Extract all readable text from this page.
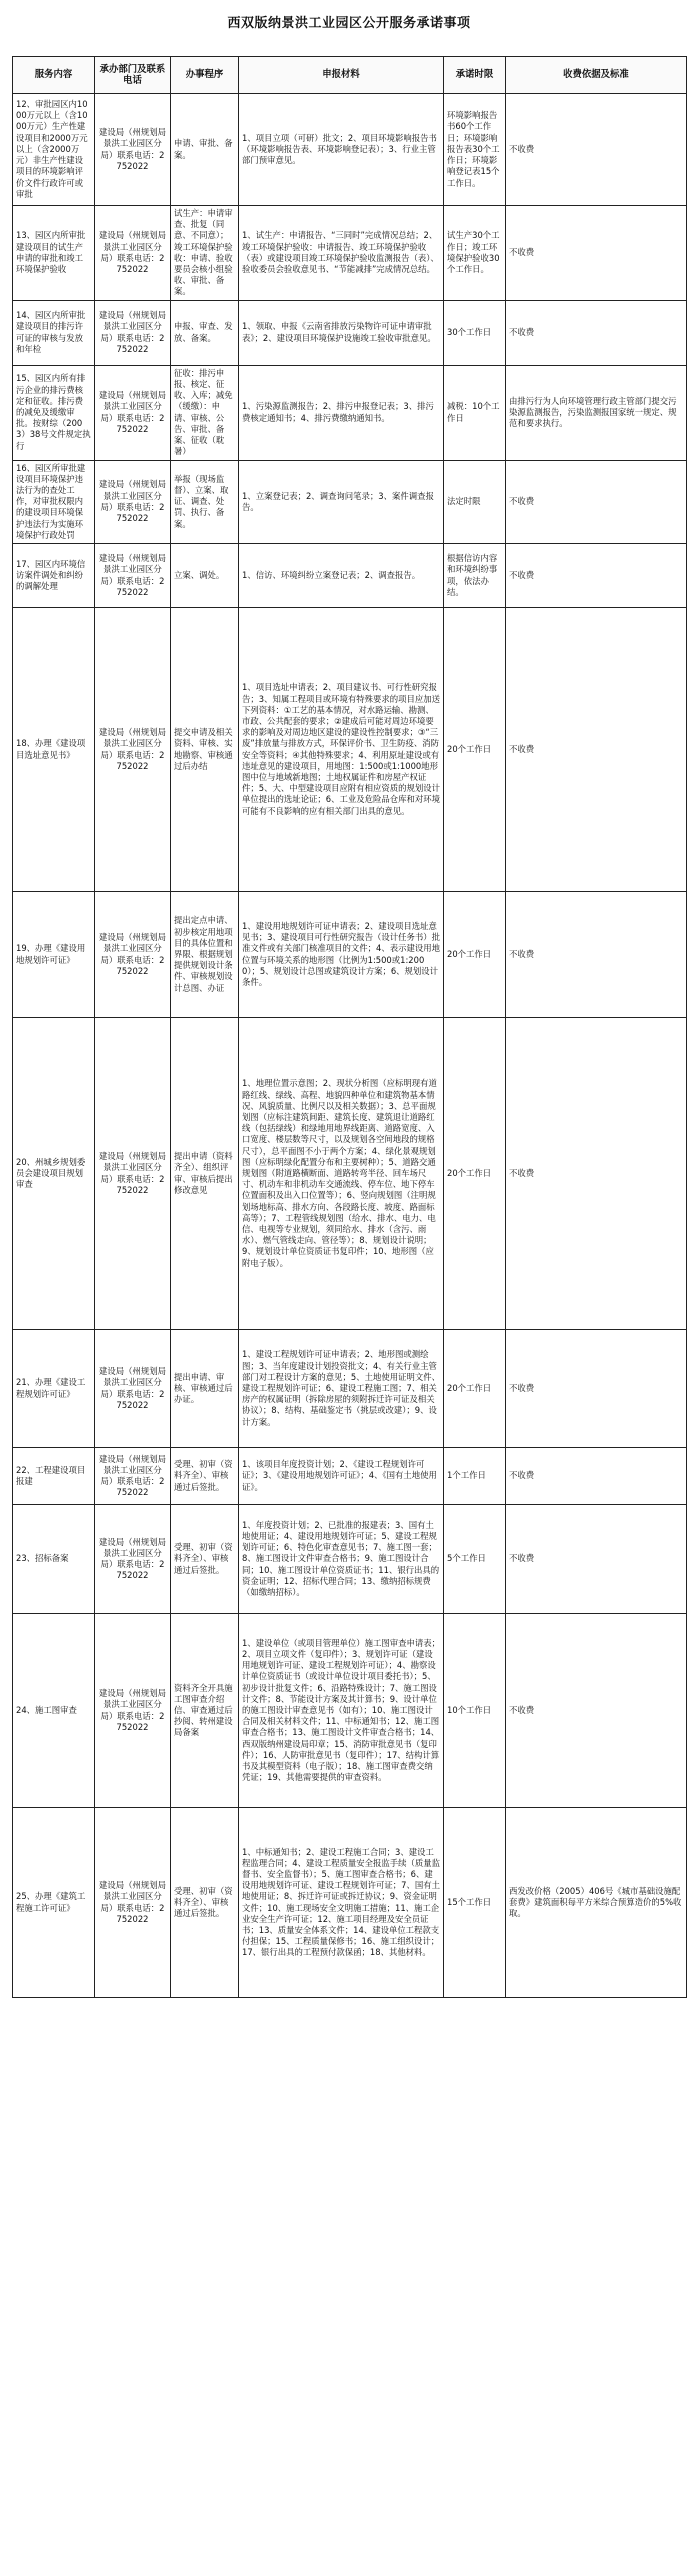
西双版纳景洪工业园区公开服务承诺事项
服务内容	承办部门及联系电话	办事程序	申报材料	承诺时限	收费依据及标准
12、审批园区内1000万元以上（含1000万元）生产性建设项目和2000万元以上（含2000万元）非生产性建设项目的环境影响评价文件行政许可或审批	建设局（州规划局景洪工业园区分局）联系电话：2752022	申请、审批、备案。	1、项目立项（可研）批文；2、项目环境影响报告书（环境影响报告表、环境影响登记表）；3、行业主管部门预审意见。	环境影响报告书60个工作日；环境影响报告表30个工作日；环境影响登记表15个工作日。	不收费
13、园区内所审批建设项目的试生产申请的审批和竣工环境保护验收	建设局（州规划局景洪工业园区分局）联系电话：2752022	试生产：申请审查、批复（同意、不同意）；竣工环境保护验收：申请、验收要员会核小组验收、审批、备案。	1、试生产：申请报告、“三同时”完成情况总结；2、竣工环境保护验收：申请报告、竣工环境保护验收（表）或建设项目竣工环境保护验收监测报告（表）、验收委员会验收意见书、“节能减排”完成情况总结。	试生产30个工作日；竣工环境保护验收30个工作日。	不收费
14、园区内所审批建设项目的排污许可证的审核与发放和年检	建设局（州规划局景洪工业园区分局）联系电话：2752022	申报、审查、发放、备案。	1、领取、申报《云南省排放污染物许可证申请审批表》；2、建设项目环境保护设施竣工验收审批意见。	30个工作日	不收费
15、园区内所有排污企业的排污费核定和征收。排污费的减免及缓缴审批。按财综（2003）38号文件规定执行	建设局（州规划局景洪工业园区分局）联系电话：2752022	征收：排污申报、核定、征收、入库；减免（缓缴）：申请、审核、公告、审批、备案、征收（耽暑）	1、污染源监测报告；2、排污申报登记表；3、排污费核定通知书；4、排污费缴纳通知书。	减税：10个工作日	由排污行为人向环境管理行政主管部门提交污染源监测报告，污染监测报国家统一规定、规范和要求执行。
16、园区所审批建设项目环境保护违法行为的查处工作，对审批权限内的建设项目环境保护违法行为实施环境保护行政处罚	建设局（州规划局景洪工业园区分局）联系电话：2752022	举报（现场监督）、立案、取证、调查、处罚、执行、备案。	1、立案登记表；2、调查询问笔录；3、案件调查报告。	法定时限	不收费
17、园区内环境信访案件调处和纠纷的调解处理	建设局（州规划局景洪工业园区分局）联系电话：2752022	立案、调处。	1、信访、环境纠纷立案登记表；2、调查报告。	根据信访内容和环境纠纷事项，依法办结。	不收费
18、办理《建设项目选址意见书》	建设局（州规划局景洪工业园区分局）联系电话：2752022	提交申请及相关资料、审核、实地勘察、审核通过后办结	1、项目选址申请表；2、项目建议书、可行性研究报告；3、知属工程项目或环境有特殊要求的项目应加送下列资料：①工艺的基本情况，对水路运输、勘测、市政、公共配套的要求；②建成后可能对周边环境要求的影响及对周边地区建设的建设性控制要求；③“三废”排放量与排放方式，环保评价书、卫生防疫、消防安全等资料；④其他特殊要求；4、利用原址建设或有违址意见的建设项目，用地图：1:500或1:1000地形图中位与地域新地图；土地权属证件和房屋产权证件；5、大、中型建设项目应附有相应资质的规划设计单位提出的选址论证；6、工业及危险品仓库和对环境可能有不良影响的应有相关部门出具的意见。	20个工作日	不收费
19、办理《建设用地规划许可证》	建设局（州规划局景洪工业园区分局）联系电话：2752022	提出定点申请、初步核定用地项目的具体位置和界限、根据规划提供规划设计条件、审核规划设计总图、办证	1、建设用地规划许可证申请表；2、建设项目选址意见书；3、建设项目可行性研究报告（设计任务书）批准文件或有关部门核准项目的文件；4、表示建设用地位置与环境关系的地形图（比例为1:500或1:2000）；5、规划设计总图或建筑设计方案；6、规划设计条件。	20个工作日	不收费
20、州城乡规划委员会建设项目规划审查	建设局（州规划局景洪工业园区分局）联系电话：2752022	提出申请（资料齐全）、组织评审、审核后提出修改意见	1、地理位置示意图；2、现状分析图（应标明现有道路红线、绿线、高程、地貌四种单位和建筑物基本情况、风貌质量、比例尺以及相关数据）；3、总平面规划图（应标注建筑间距、建筑长度、建筑退让道路红线（包括绿线）和绿地用地界线距离、道路宽度、入口宽度、楼层数等尺寸，以及规划各空间地段的规格尺寸），总平面图不小于两个方案；4、绿化景观规划图（应标明绿化配置分布和主要树种）；5、道路交通规划图（附道路横断面、道路转弯半径、回车场尺寸、机动车和非机动车交通流线、停车位、地下停车位置面积及出入口位置等）；6、竖向规划图（注明规划场地标高、排水方向、各段路长度、坡度、路面标高等）；7、工程管线规划图（给水、排水、电力、电信、电视等专业规划，须同给水、排水（含污、雨水）、燃气管线走向、管径等）；8、规划设计说明；9、规划设计单位资质证书复印件；10、地形图（应附电子版）。	20个工作日	不收费
21、办理《建设工程规划许可证》	建设局（州规划局景洪工业园区分局）联系电话：2752022	提出申请、审核、审核通过后办证。	1、建设工程规划许可证申请表；2、地形图或测绘图；3、当年度建设计划投资批文；4、有关行业主管部门对工程设计方案的意见；5、土地使用证明文件、建设工程规划许可证；6、建设工程施工图；7、相关房产的权属证明（拆除房屋的须附拆迁许可证及相关协议）；8、结构、基础鉴定书（挑层或改建）；9、设计方案。	20个工作日	不收费
22、工程建设项目报建	建设局（州规划局景洪工业园区分局）联系电话：2752022	受理、初审（资料齐全）、审核通过后签批。	1、该项目年度投资计划；2、《建设工程规划许可证》；3、《建设用地规划许可证》；4、《国有土地使用证》。	1个工作日	不收费
23、招标备案	建设局（州规划局景洪工业园区分局）联系电话：2752022	受理、初审（资料齐全）、审核通过后签批。	1、年度投资计划；2、已批准的报建表；3、国有土地使用证；4、建设用地规划许可证；5、建设工程规划许可证；6、特色化审查意见书；7、施工图一套；8、施工图设计文件审查合格书；9、施工图设计合同；10、施工图设计单位资质证书；11、银行出具的资金证明；12、招标代理合同；13、缴纳招标规费（如缴纳招标）。	5个工作日	不收费
24、施工图审查	建设局（州规划局景洪工业园区分局）联系电话：2752022	资料齐全开具施工图审查介绍信、审查通过后抄阅、转州建设局备案	1、建设单位（或项目管理单位）施工图审查申请表；2、项目立项文件（复印件）；3、规划许可证（建设用地规划许可证、建设工程规划许可证）；4、勘察设计单位资质证书（或设计单位设计项目委托书）；5、初步设计批复文件；6、沿路特殊设计；7、施工图设计文件；8、节能设计方案及其计算书；9、设计单位的施工图设计审查意见书（如有）；10、施工图设计合同及相关材料文件；11、中标通知书；12、施工图审查合格书；13、施工图设计文件审查合格书；14、西双版纳州建设局印章；15、消防审批意见书（复印件）；16、人防审批意见书（复印件）；17、结构计算书及其模型资料（电子版）；18、施工图审查费交纳凭证；19、其他需要提供的审查资料。	10个工作日	不收费
25、办理《建筑工程施工许可证》	建设局（州规划局景洪工业园区分局）联系电话：2752022	受理、初审（资料齐全）、审核通过后签批。	1、中标通知书；2、建设工程施工合同；3、建设工程监理合同；4、建设工程质量安全报监手续（质量监督书、安全监督书）；5、施工图审查合格书；6、建设用地规划许可证、建设工程规划许可证；7、国有土地使用证；8、拆迁许可证或拆迁协议；9、资金证明文件；10、施工现场安全文明施工措施；11、施工企业安全生产许可证；12、施工项目经理及安全员证书；13、质量安全体系文件；14、建设单位工程款支付担保；15、工程质量保修书；16、施工组织设计；17、银行出具的工程预付款保函；18、其他材料。	15个工作日	西发改价格（2005）406号《城市基础设施配套费》建筑面积每平方米综合预算造价的5%收取。
